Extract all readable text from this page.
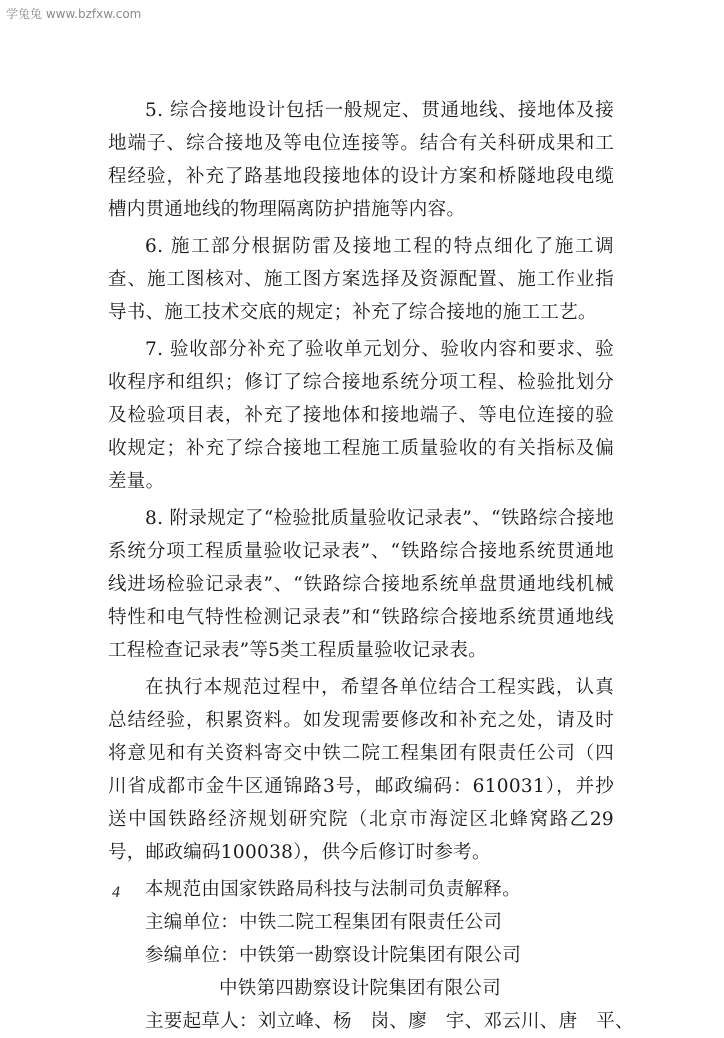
学兔兔 www.bzfxw.com

5. 综合接地设计包括一般规定、贯通地线、接地体及接地端子、综合接地及等电位连接等。结合有关科研成果和工程经验，补充了路基地段接地体的设计方案和桥隧地段电缆槽内贯通地线的物理隔离防护措施等内容。

6. 施工部分根据防雷及接地工程的特点细化了施工调查、施工图核对、施工图方案选择及资源配置、施工作业指导书、施工技术交底的规定；补充了综合接地的施工工艺。

7. 验收部分补充了验收单元划分、验收内容和要求、验收程序和组织；修订了综合接地系统分项工程、检验批划分及检验项目表，补充了接地体和接地端子、等电位连接的验收规定；补充了综合接地工程施工质量验收的有关指标及偏差量。

8. 附录规定了“检验批质量验收记录表”、“铁路综合接地系统分项工程质量验收记录表”、“铁路综合接地系统贯通地线进场检验记录表”、“铁路综合接地系统单盘贯通地线机械特性和电气特性检测记录表”和“铁路综合接地系统贯通地线工程检查记录表”等5类工程质量验收记录表。

在执行本规范过程中，希望各单位结合工程实践，认真总结经验，积累资料。如发现需要修改和补充之处，请及时将意见和有关资料寄交中铁二院工程集团有限责任公司（四川省成都市金牛区通锦路3号，邮政编码：610031），并抄送中国铁路经济规划研究院（北京市海淀区北蜂窝路乙29号，邮政编码100038），供今后修订时参考。

本规范由国家铁路局科技与法制司负责解释。
主编单位：中铁二院工程集团有限责任公司
参编单位：中铁第一勘察设计院集团有限公司
中铁第四勘察设计院集团有限公司
主要起草人：刘立峰、杨　岗、廖　宇、邓云川、唐　平、
4
